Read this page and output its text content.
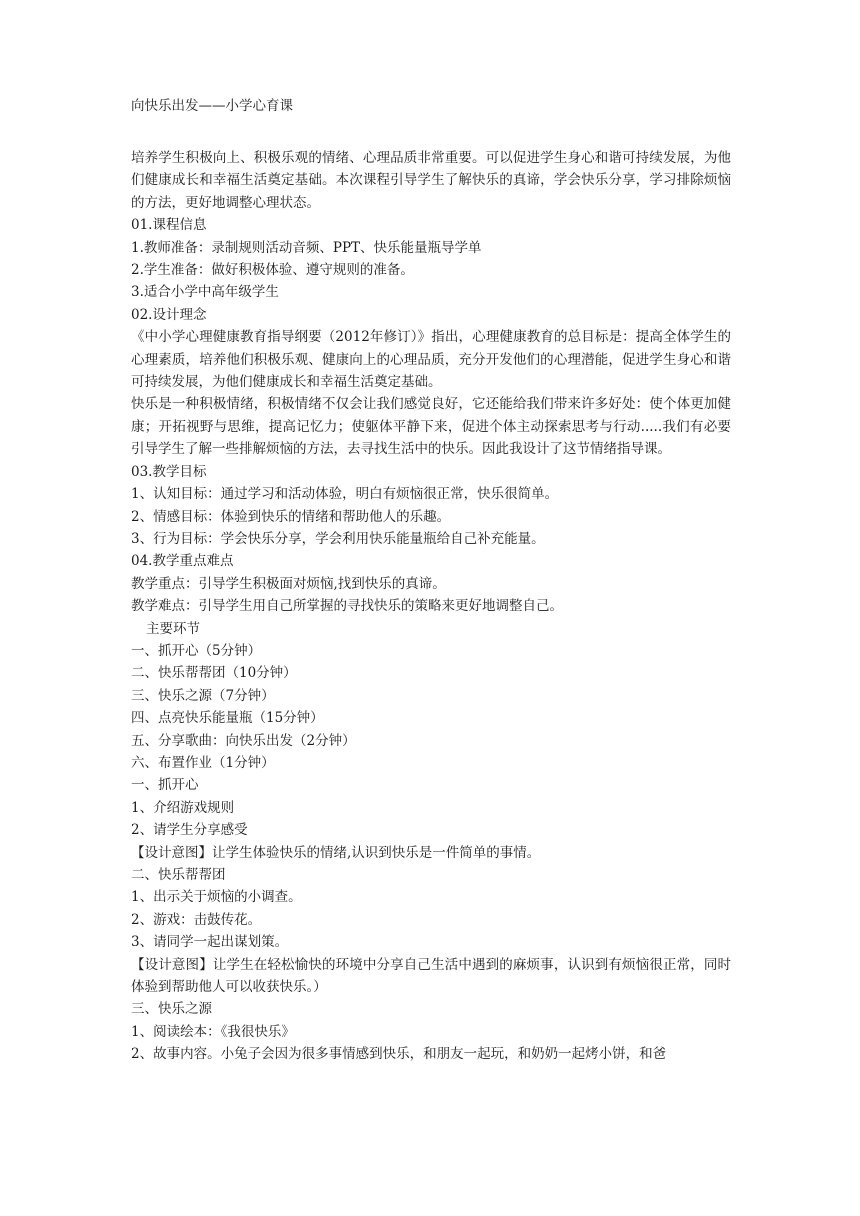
向快乐出发——小学心育课

培养学生积极向上、积极乐观的情绪、心理品质非常重要。可以促进学生身心和谐可持续发展，为他们健康成长和幸福生活奠定基础。本次课程引导学生了解快乐的真谛，学会快乐分享，学习排除烦恼的方法，更好地调整心理状态。

01.课程信息
1.教师准备：录制规则活动音频、PPT、快乐能量瓶导学单
2.学生准备：做好积极体验、遵守规则的准备。
3.适合小学中高年级学生
02.设计理念

《中小学心理健康教育指导纲要（2012年修订）》指出，心理健康教育的总目标是：提高全体学生的心理素质，培养他们积极乐观、健康向上的心理品质，充分开发他们的心理潜能，促进学生身心和谐可持续发展，为他们健康成长和幸福生活奠定基础。

快乐是一种积极情绪，积极情绪不仅会让我们感觉良好，它还能给我们带来许多好处：使个体更加健康；开拓视野与思维，提高记忆力；使躯体平静下来，促进个体主动探索思考与行动.....我们有必要引导学生了解一些排解烦恼的方法，去寻找生活中的快乐。因此我设计了这节情绪指导课。

03.教学目标
1、认知目标：通过学习和活动体验，明白有烦恼很正常，快乐很简单。
2、情感目标：体验到快乐的情绪和帮助他人的乐趣。
3、行为目标：学会快乐分享，学会利用快乐能量瓶给自己补充能量。
04.教学重点难点
教学重点：引导学生积极面对烦恼,找到快乐的真谛。
教学难点：引导学生用自己所掌握的寻找快乐的策略来更好地调整自己。
主要环节
一、抓开心（5分钟）
二、快乐帮帮团（10分钟）
三、快乐之源（7分钟）
四、点亮快乐能量瓶（15分钟）
五、分享歌曲：向快乐出发（2分钟）
六、布置作业（1分钟）
一、抓开心
1、介绍游戏规则
2、请学生分享感受

【设计意图】让学生体验快乐的情绪,认识到快乐是一件简单的事情。

二、快乐帮帮团
1、出示关于烦恼的小调查。
2、游戏：击鼓传花。
3、请同学一起出谋划策。

【设计意图】让学生在轻松愉快的环境中分享自己生活中遇到的麻烦事，认识到有烦恼很正常，同时体验到帮助他人可以收获快乐。）

三、快乐之源
1、阅读绘本：《我很快乐》
2、故事内容。小兔子会因为很多事情感到快乐，和朋友一起玩，和奶奶一起烤小饼，和爸
